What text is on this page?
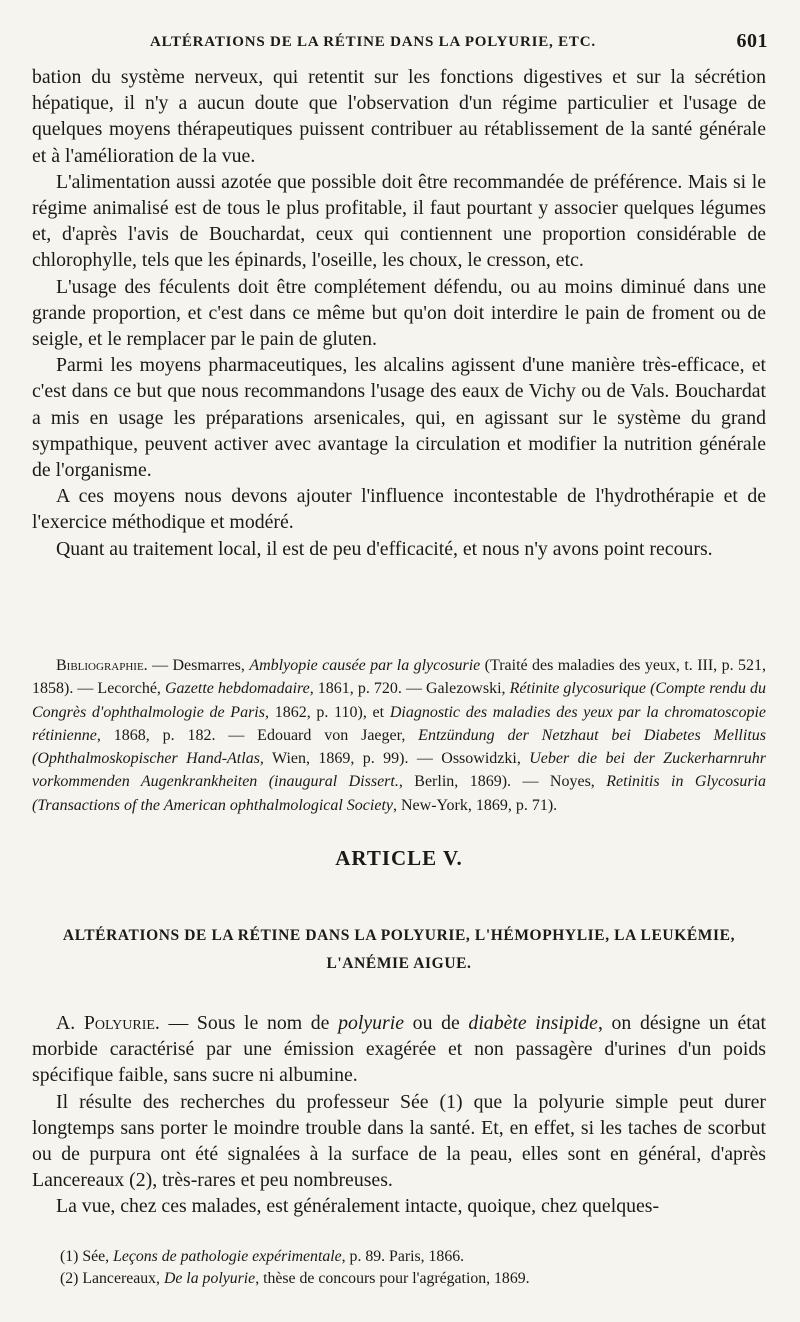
ALTÉRATIONS DE LA RÉTINE DANS LA POLYURIE, ETC.	601

bation du système nerveux, qui retentit sur les fonctions digestives et sur la sécrétion hépatique, il n'y a aucun doute que l'observation d'un régime particulier et l'usage de quelques moyens thérapeutiques puissent contribuer au rétablissement de la santé générale et à l'amélioration de la vue.

L'alimentation aussi azotée que possible doit être recommandée de préférence. Mais si le régime animalisé est de tous le plus profitable, il faut pourtant y associer quelques légumes et, d'après l'avis de Bouchardat, ceux qui contiennent une proportion considérable de chlorophylle, tels que les épinards, l'oseille, les choux, le cresson, etc.

L'usage des féculents doit être complétement défendu, ou au moins diminué dans une grande proportion, et c'est dans ce même but qu'on doit interdire le pain de froment ou de seigle, et le remplacer par le pain de gluten.

Parmi les moyens pharmaceutiques, les alcalins agissent d'une manière très-efficace, et c'est dans ce but que nous recommandons l'usage des eaux de Vichy ou de Vals. Bouchardat a mis en usage les préparations arsenicales, qui, en agissant sur le système du grand sympathique, peuvent activer avec avantage la circulation et modifier la nutrition générale de l'organisme.

A ces moyens nous devons ajouter l'influence incontestable de l'hydrothérapie et de l'exercice méthodique et modéré.

Quant au traitement local, il est de peu d'efficacité, et nous n'y avons point recours.

Bibliographie. — Desmarres, Amblyopie causée par la glycosurie (Traité des maladies des yeux, t. III, p. 521, 1858). — Lecorché, Gazette hebdomadaire, 1861, p. 720. — Galezowski, Rétinite glycosurique (Compte rendu du Congrès d'ophthalmologie de Paris, 1862, p. 110), et Diagnostic des maladies des yeux par la chromatoscopie rétinienne, 1868, p. 182. — Edouard von Jaeger, Entzündung der Netzhaut bei Diabetes Mellitus (Ophthalmoskopischer Hand-Atlas, Wien, 1869, p. 99). — Ossowidzki, Ueber die bei der Zuckerharnruhr vorkommenden Augenkrankheiten (inaugural Dissert., Berlin, 1869). — Noyes, Retinitis in Glycosuria (Transactions of the American ophthalmological Society, New-York, 1869, p. 71).
ARTICLE V.
ALTÉRATIONS DE LA RÉTINE DANS LA POLYURIE, L'HÉMOPHYLIE, LA LEUKÉMIE,
L'ANÉMIE AIGUE.

A. Polyurie. — Sous le nom de polyurie ou de diabète insipide, on désigne un état morbide caractérisé par une émission exagérée et non passagère d'urines d'un poids spécifique faible, sans sucre ni albumine.

Il résulte des recherches du professeur Sée (1) que la polyurie simple peut durer longtemps sans porter le moindre trouble dans la santé. Et, en effet, si les taches de scorbut ou de purpura ont été signalées à la surface de la peau, elles sont en général, d'après Lancereaux (2), très-rares et peu nombreuses.

La vue, chez ces malades, est généralement intacte, quoique, chez quelques-

(1) Sée, Leçons de pathologie expérimentale, p. 89. Paris, 1866.
(2) Lancereaux, De la polyurie, thèse de concours pour l'agrégation, 1869.
